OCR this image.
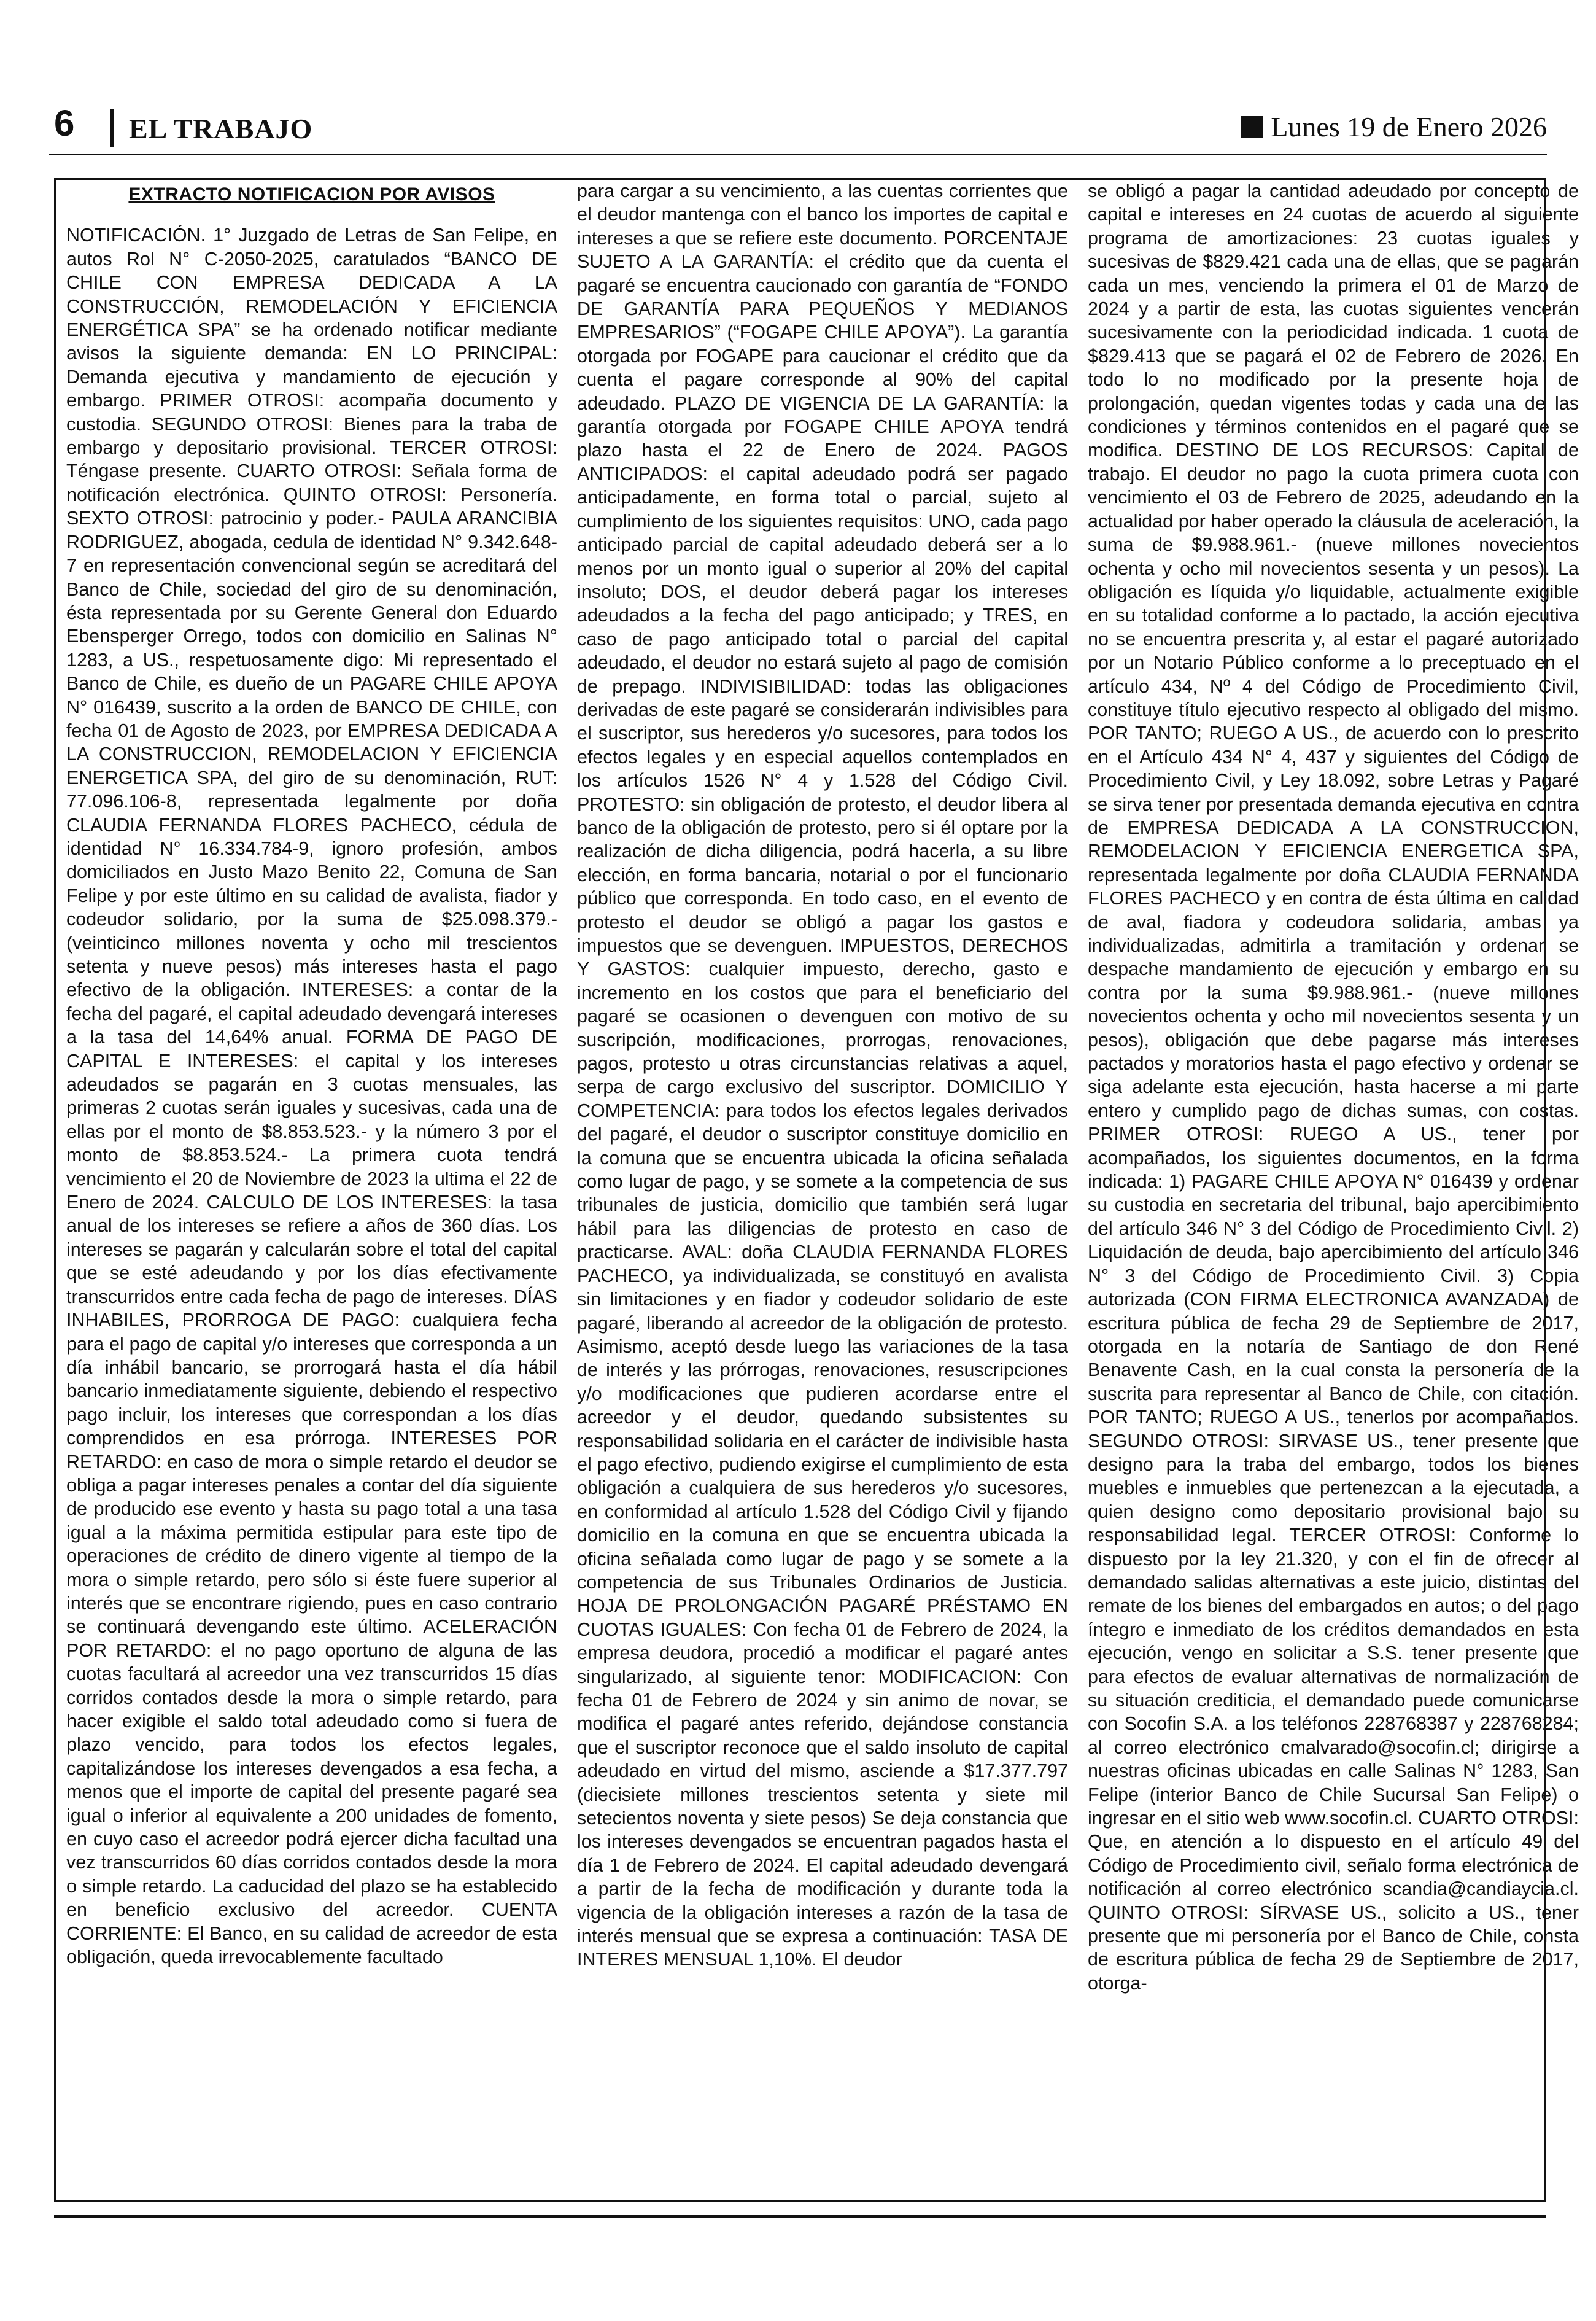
6 EL TRABAJO	Lunes 19 de Enero 2026

EXTRACTO NOTIFICACION POR AVISOS

NOTIFICACIÓN. 1° Juzgado de Letras de San Felipe, en autos Rol N° C-2050-2025, caratulados “BANCO DE CHILE CON EMPRESA DEDICADA A LA CONSTRUCCIÓN, REMODELACIÓN Y EFICIENCIA ENERGÉTICA SPA” se ha ordenado notificar mediante avisos la siguiente demanda: EN LO PRINCIPAL: Demanda ejecutiva y mandamiento de ejecución y embargo. PRIMER OTROSI: acompaña documento y custodia. SEGUNDO OTROSI: Bienes para la traba de embargo y depositario provisional. TERCER OTROSI: Téngase presente. CUARTO OTROSI: Señala forma de notificación electrónica. QUINTO OTROSI: Personería. SEXTO OTROSI: patrocinio y poder.- PAULA ARANCIBIA RODRIGUEZ, abogada, cedula de identidad N° 9.342.648-7 en representación convencional según se acreditará del Banco de Chile, sociedad del giro de su denominación, ésta representada por su Gerente General don Eduardo Ebensperger Orrego, todos con domicilio en Salinas N° 1283, a US., respetuosamente digo: Mi representado el Banco de Chile, es dueño de un PAGARE CHILE APOYA N° 016439, suscrito a la orden de BANCO DE CHILE, con fecha 01 de Agosto de 2023, por EMPRESA DEDICADA A LA CONSTRUCCION, REMODELACION Y EFICIENCIA ENERGETICA SPA, del giro de su denominación, RUT: 77.096.106-8, representada legalmente por doña CLAUDIA FERNANDA FLORES PACHECO, cédula de identidad N° 16.334.784-9, ignoro profesión, ambos domiciliados en Justo Mazo Benito 22, Comuna de San Felipe y por este último en su calidad de avalista, fiador y codeudor solidario, por la suma de $25.098.379.- (veinticinco millones noventa y ocho mil trescientos setenta y nueve pesos) más intereses hasta el pago efectivo de la obligación. INTERESES: a contar de la fecha del pagaré, el capital adeudado devengará intereses a la tasa del 14,64% anual. FORMA DE PAGO DE CAPITAL E INTERESES: el capital y los intereses adeudados se pagarán en 3 cuotas mensuales, las primeras 2 cuotas serán iguales y sucesivas, cada una de ellas por el monto de $8.853.523.- y la número 3 por el monto de $8.853.524.- La primera cuota tendrá vencimiento el 20 de Noviembre de 2023 la ultima el 22 de Enero de 2024. CALCULO DE LOS INTERESES: la tasa anual de los intereses se refiere a años de 360 días. Los intereses se pagarán y calcularán sobre el total del capital que se esté adeudando y por los días efectivamente transcurridos entre cada fecha de pago de intereses. DÍAS INHABILES, PRORROGA DE PAGO: cualquiera fecha para el pago de capital y/o intereses que corresponda a un día inhábil bancario, se prorrogará hasta el día hábil bancario inmediatamente siguiente, debiendo el respectivo pago incluir, los intereses que correspondan a los días comprendidos en esa prórroga. INTERESES POR RETARDO: en caso de mora o simple retardo el deudor se obliga a pagar intereses penales a contar del día siguiente de producido ese evento y hasta su pago total a una tasa igual a la máxima permitida estipular para este tipo de operaciones de crédito de dinero vigente al tiempo de la mora o simple retardo, pero sólo si éste fuere superior al interés que se encontrare rigiendo, pues en caso contrario se continuará devengando este último. ACELERACIÓN POR RETARDO: el no pago oportuno de alguna de las cuotas facultará al acreedor una vez transcurridos 15 días corridos contados desde la mora o simple retardo, para hacer exigible el saldo total adeudado como si fuera de plazo vencido, para todos los efectos legales, capitalizándose los intereses devengados a esa fecha, a menos que el importe de capital del presente pagaré sea igual o inferior al equivalente a 200 unidades de fomento, en cuyo caso el acreedor podrá ejercer dicha facultad una vez transcurridos 60 días corridos contados desde la mora o simple retardo. La caducidad del plazo se ha establecido en beneficio exclusivo del acreedor. CUENTA CORRIENTE: El Banco, en su calidad de acreedor de esta obligación, queda irrevocablemente facultado

para cargar a su vencimiento, a las cuentas corrientes que el deudor mantenga con el banco los importes de capital e intereses a que se refiere este documento. PORCENTAJE SUJETO A LA GARANTÍA: el crédito que da cuenta el pagaré se encuentra caucionado con garantía de “FONDO DE GARANTÍA PARA PEQUEÑOS Y MEDIANOS EMPRESARIOS” (“FOGAPE CHILE APOYA”). La garantía otorgada por FOGAPE para caucionar el crédito que da cuenta el pagare corresponde al 90% del capital adeudado. PLAZO DE VIGENCIA DE LA GARANTÍA: la garantía otorgada por FOGAPE CHILE APOYA tendrá plazo hasta el 22 de Enero de 2024. PAGOS ANTICIPADOS: el capital adeudado podrá ser pagado anticipadamente, en forma total o parcial, sujeto al cumplimiento de los siguientes requisitos: UNO, cada pago anticipado parcial de capital adeudado deberá ser a lo menos por un monto igual o superior al 20% del capital insoluto; DOS, el deudor deberá pagar los intereses adeudados a la fecha del pago anticipado; y TRES, en caso de pago anticipado total o parcial del capital adeudado, el deudor no estará sujeto al pago de comisión de prepago. INDIVISIBILIDAD: todas las obligaciones derivadas de este pagaré se considerarán indivisibles para el suscriptor, sus herederos y/o sucesores, para todos los efectos legales y en especial aquellos contemplados en los artículos 1526 N° 4 y 1.528 del Código Civil. PROTESTO: sin obligación de protesto, el deudor libera al banco de la obligación de protesto, pero si él optare por la realización de dicha diligencia, podrá hacerla, a su libre elección, en forma bancaria, notarial o por el funcionario público que corresponda. En todo caso, en el evento de protesto el deudor se obligó a pagar los gastos e impuestos que se devenguen. IMPUESTOS, DERECHOS Y GASTOS: cualquier impuesto, derecho, gasto e incremento en los costos que para el beneficiario del pagaré se ocasionen o devenguen con motivo de su suscripción, modificaciones, prorrogas, renovaciones, pagos, protesto u otras circunstancias relativas a aquel, serpa de cargo exclusivo del suscriptor. DOMICILIO Y COMPETENCIA: para todos los efectos legales derivados del pagaré, el deudor o suscriptor constituye domicilio en la comuna que se encuentra ubicada la oficina señalada como lugar de pago, y se somete a la competencia de sus tribunales de justicia, domicilio que también será lugar hábil para las diligencias de protesto en caso de practicarse. AVAL: doña CLAUDIA FERNANDA FLORES PACHECO, ya individualizada, se constituyó en avalista sin limitaciones y en fiador y codeudor solidario de este pagaré, liberando al acreedor de la obligación de protesto. Asimismo, aceptó desde luego las variaciones de la tasa de interés y las prórrogas, renovaciones, resuscripciones y/o modificaciones que pudieren acordarse entre el acreedor y el deudor, quedando subsistentes su responsabilidad solidaria en el carácter de indivisible hasta el pago efectivo, pudiendo exigirse el cumplimiento de esta obligación a cualquiera de sus herederos y/o sucesores, en conformidad al artículo 1.528 del Código Civil y fijando domicilio en la comuna en que se encuentra ubicada la oficina señalada como lugar de pago y se somete a la competencia de sus Tribunales Ordinarios de Justicia. HOJA DE PROLONGACIÓN PAGARÉ PRÉSTAMO EN CUOTAS IGUALES: Con fecha 01 de Febrero de 2024, la empresa deudora, procedió a modificar el pagaré antes singularizado, al siguiente tenor: MODIFICACION: Con fecha 01 de Febrero de 2024 y sin animo de novar, se modifica el pagaré antes referido, dejándose constancia que el suscriptor reconoce que el saldo insoluto de capital adeudado en virtud del mismo, asciende a $17.377.797 (diecisiete millones trescientos setenta y siete mil setecientos noventa y siete pesos) Se deja constancia que los intereses devengados se encuentran pagados hasta el día 1 de Febrero de 2024. El capital adeudado devengará a partir de la fecha de modificación y durante toda la vigencia de la obligación intereses a razón de la tasa de interés mensual que se expresa a continuación: TASA DE INTERES MENSUAL 1,10%. El deudor

se obligó a pagar la cantidad adeudado por concepto de capital e intereses en 24 cuotas de acuerdo al siguiente programa de amortizaciones: 23 cuotas iguales y sucesivas de $829.421 cada una de ellas, que se pagarán cada un mes, venciendo la primera el 01 de Marzo de 2024 y a partir de esta, las cuotas siguientes vencerán sucesivamente con la periodicidad indicada. 1 cuota de $829.413 que se pagará el 02 de Febrero de 2026. En todo lo no modificado por la presente hoja de prolongación, quedan vigentes todas y cada una de las condiciones y términos contenidos en el pagaré que se modifica. DESTINO DE LOS RECURSOS: Capital de trabajo. El deudor no pago la cuota primera cuota con vencimiento el 03 de Febrero de 2025, adeudando en la actualidad por haber operado la cláusula de aceleración, la suma de $9.988.961.- (nueve millones novecientos ochenta y ocho mil novecientos sesenta y un pesos). La obligación es líquida y/o liquidable, actualmente exigible en su totalidad conforme a lo pactado, la acción ejecutiva no se encuentra prescrita y, al estar el pagaré autorizado por un Notario Público conforme a lo preceptuado en el artículo 434, Nº 4 del Código de Procedimiento Civil, constituye título ejecutivo respecto al obligado del mismo. POR TANTO; RUEGO A US., de acuerdo con lo prescrito en el Artículo 434 N° 4, 437 y siguientes del Código de Procedimiento Civil, y Ley 18.092, sobre Letras y Pagaré se sirva tener por presentada demanda ejecutiva en contra de EMPRESA DEDICADA A LA CONSTRUCCION, REMODELACION Y EFICIENCIA ENERGETICA SPA, representada legalmente por doña CLAUDIA FERNANDA FLORES PACHECO y en contra de ésta última en calidad de aval, fiadora y codeudora solidaria, ambas ya individualizadas, admitirla a tramitación y ordenar se despache mandamiento de ejecución y embargo en su contra por la suma $9.988.961.- (nueve millones novecientos ochenta y ocho mil novecientos sesenta y un pesos), obligación que debe pagarse más intereses pactados y moratorios hasta el pago efectivo y ordenar se siga adelante esta ejecución, hasta hacerse a mi parte entero y cumplido pago de dichas sumas, con costas. PRIMER OTROSI: RUEGO A US., tener por acompañados, los siguientes documentos, en la forma indicada: 1) PAGARE CHILE APOYA N° 016439 y ordenar su custodia en secretaria del tribunal, bajo apercibimiento del artículo 346 N° 3 del Código de Procedimiento Civil. 2) Liquidación de deuda, bajo apercibimiento del artículo 346 N° 3 del Código de Procedimiento Civil. 3) Copia autorizada (CON FIRMA ELECTRONICA AVANZADA) de escritura pública de fecha 29 de Septiembre de 2017, otorgada en la notaría de Santiago de don René Benavente Cash, en la cual consta la personería de la suscrita para representar al Banco de Chile, con citación. POR TANTO; RUEGO A US., tenerlos por acompañados. SEGUNDO OTROSI: SIRVASE US., tener presente que designo para la traba del embargo, todos los bienes muebles e inmuebles que pertenezcan a la ejecutada, a quien designo como depositario provisional bajo su responsabilidad legal. TERCER OTROSI: Conforme lo dispuesto por la ley 21.320, y con el fin de ofrecer al demandado salidas alternativas a este juicio, distintas del remate de los bienes del embargados en autos; o del pago íntegro e inmediato de los créditos demandados en esta ejecución, vengo en solicitar a S.S. tener presente que para efectos de evaluar alternativas de normalización de su situación crediticia, el demandado puede comunicarse con Socofin S.A. a los teléfonos 228768387 y 228768284; al correo electrónico cmalvarado@socofin.cl; dirigirse a nuestras oficinas ubicadas en calle Salinas N° 1283, San Felipe (interior Banco de Chile Sucursal San Felipe) o ingresar en el sitio web www.socofin.cl. CUARTO OTROSI: Que, en atención a lo dispuesto en el artículo 49 del Código de Procedimiento civil, señalo forma electrónica de notificación al correo electrónico scandia@candiaycia.cl. QUINTO OTROSI: SÍRVASE US., solicito a US., tener presente que mi personería por el Banco de Chile, consta de escritura pública de fecha 29 de Septiembre de 2017, otorga-
